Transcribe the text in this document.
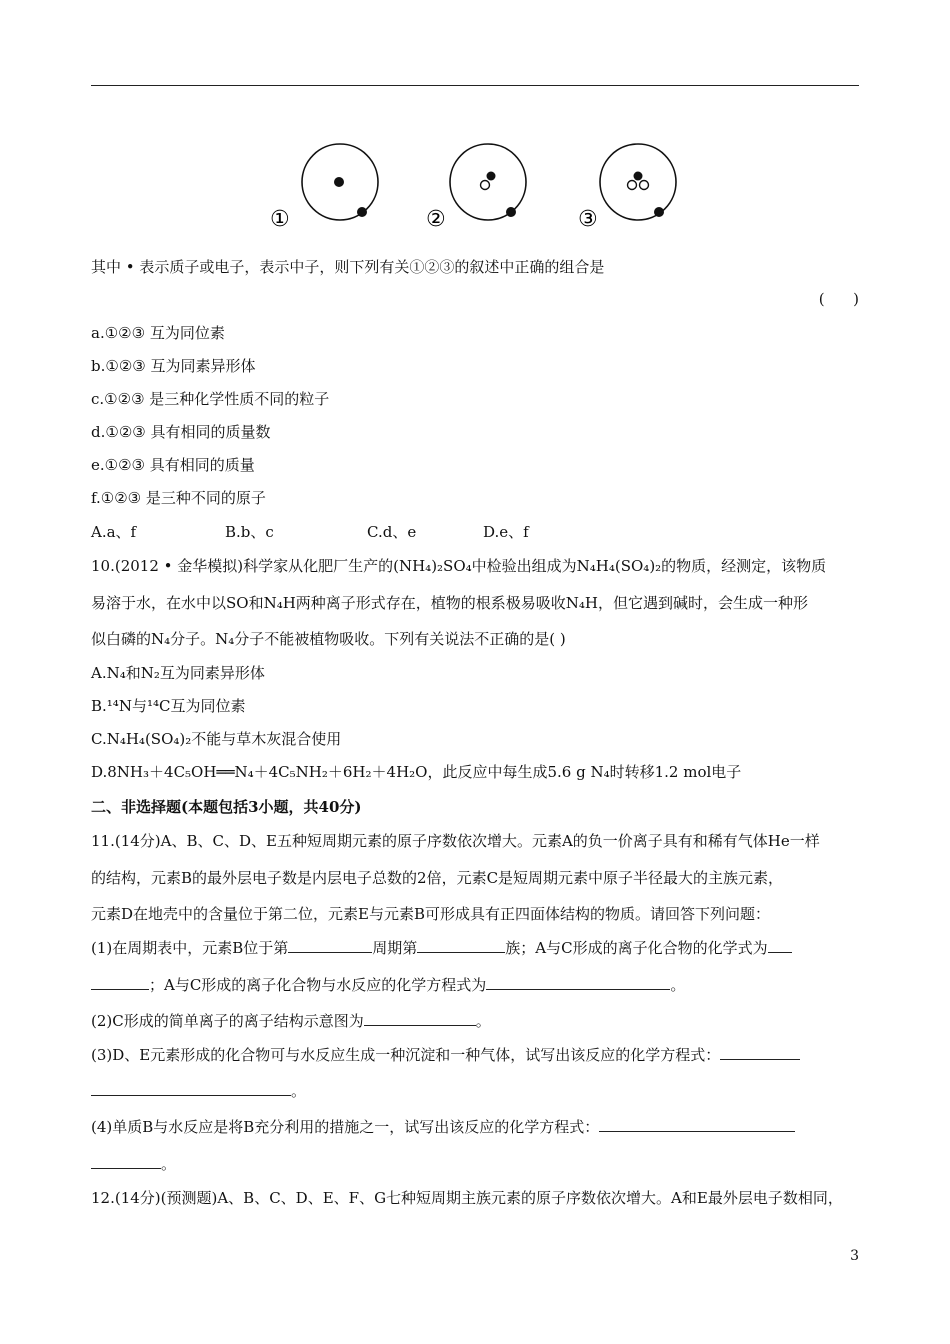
①	②	③
其中 • 表示质子或电子，表示中子，则下列有关①②③的叙述中正确的组合是
(      )
a.①②③ 互为同位素
b.①②③ 互为同素异形体
c.①②③ 是三种化学性质不同的粒子
d.①②③ 具有相同的质量数
e.①②③ 具有相同的质量
f.①②③ 是三种不同的原子
A.a、f	B.b、c	C.d、e	D.e、f
10.(2012 • 金华模拟)科学家从化肥厂生产的(NH₄)₂SO₄中检验出组成为N₄H₄(SO₄)₂的物质，经测定，该物质
易溶于水，在水中以SO和N₄H两种离子形式存在，植物的根系极易吸收N₄H，但它遇到碱时，会生成一种形
似白磷的N₄分子。N₄分子不能被植物吸收。下列有关说法不正确的是( )
A.N₄和N₂互为同素异形体
B.¹⁴N与¹⁴C互为同位素
C.N₄H₄(SO₄)₂不能与草木灰混合使用
D.8NH₃＋4C₅OH══N₄＋4C₅NH₂＋6H₂＋4H₂O，此反应中每生成5.6 g N₄时转移1.2 mol电子
二、非选择题(本题包括3小题，共40分)
11.(14分)A、B、C、D、E五种短周期元素的原子序数依次增大。元素A的负一价离子具有和稀有气体He一样
的结构，元素B的最外层电子数是内层电子总数的2倍，元素C是短周期元素中原子半径最大的主族元素，
元素D在地壳中的含量位于第二位，元素E与元素B可形成具有正四面体结构的物质。请回答下列问题：
(1)在周期表中，元素B位于第	周期第	族；A与C形成的离子化合物的化学式为
；A与C形成的离子化合物与水反应的化学方程式为	。
(2)C形成的简单离子的离子结构示意图为	。
(3)D、E元素形成的化合物可与水反应生成一种沉淀和一种气体，试写出该反应的化学方程式：
。
(4)单质B与水反应是将B充分利用的措施之一，试写出该反应的化学方程式：
。
12.(14分)(预测题)A、B、C、D、E、F、G七种短周期主族元素的原子序数依次增大。A和E最外层电子数相同，
3
